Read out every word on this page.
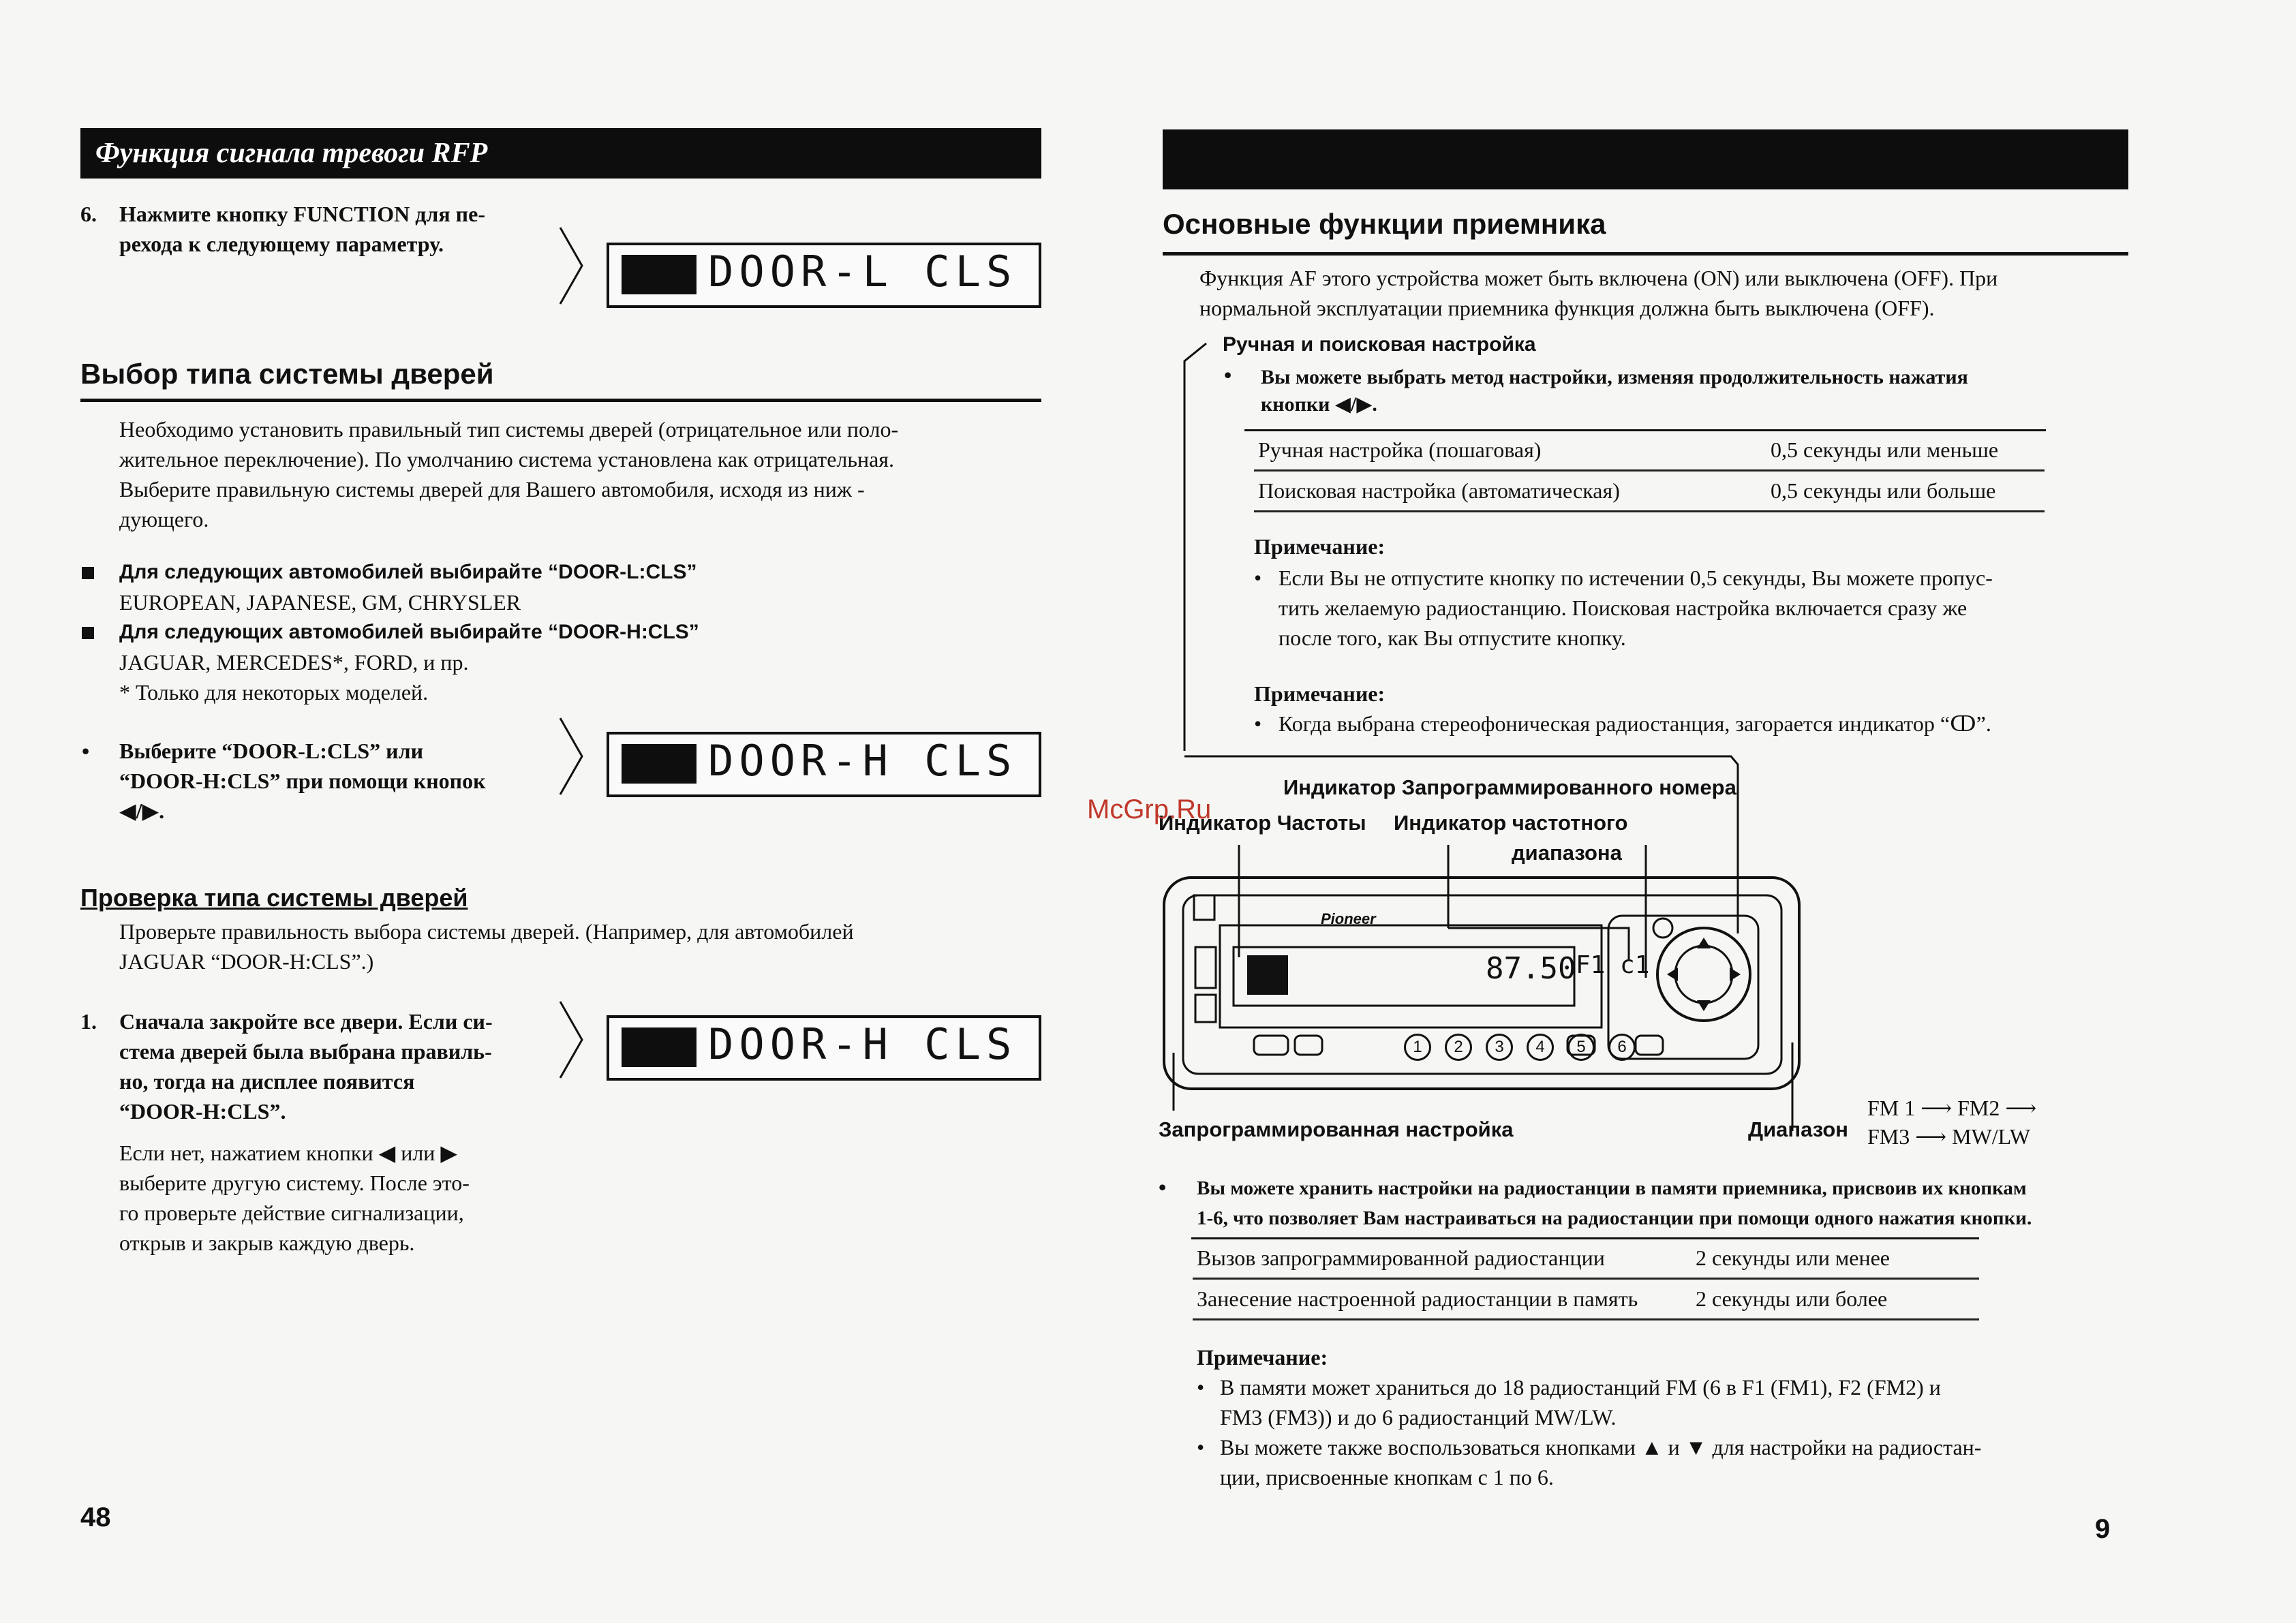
Функция сигнала тревоги RFP
6. Нажмите кнопку FUNCTION для пе-
рехода к следующему параметру.
DOOR-L CLS
Выбор типа системы дверей
Необходимо установить правильный тип системы дверей (отрицательное или поло-
жительное переключение). По умолчанию система установлена как отрицательная.
Выберите правильную системы дверей для Вашего автомобиля, исходя из ниж -
дующего.
Для следующих автомобилей выбирайте “DOOR-L:CLS”
EUROPEAN, JAPANESE, GM, CHRYSLER
Для следующих автомобилей выбирайте “DOOR-H:CLS”
JAGUAR, MERCEDES*, FORD, и пр.
* Только для некоторых моделей.
• Выберите “DOOR-L:CLS” или
“DOOR-H:CLS” при помощи кнопок
◀/▶.
DOOR-H CLS
Проверка типа системы дверей
Проверьте правильность выбора системы дверей. (Например, для автомобилей
JAGUAR “DOOR-H:CLS”.)
1. Сначала закройте все двери. Если си-
стема дверей была выбрана правиль-
но, тогда на дисплее появится
“DOOR-H:CLS”.
Если нет, нажатием кнопки ◀ или ▶
выберите другую систему. После это-
го проверьте действие сигнализации,
открыв и закрыв каждую дверь.
DOOR-H CLS
48
Основные функции приемника
Функция AF этого устройства может быть включена (ON) или выключена (OFF). При
нормальной эксплуатации приемника функция должна быть выключена (OFF).
Ручная и поисковая настройка
• Вы можете выбрать метод настройки, изменяя продолжительность нажатия
кнопки ◀/▶.
Ручная настройка (пошаговая)	0,5 секунды или меньше
Поисковая настройка (автоматическая)	0,5 секунды или больше
Примечание:
• Если Вы не отпустите кнопку по истечении 0,5 секунды, Вы можете пропус-
тить желаемую радиостанцию. Поисковая настройка включается сразу же
после того, как Вы отпустите кнопку.
Примечание:
• Когда выбрана стереофоническая радиостанция, загорается индикатор “ↀ”.
Индикатор Запрограммированного номера
Индикатор Частоты Индикатор частотного
диапазона
Pioneer
87.50 F1 c1
1	2	3	4	5	6
Запрограммированная настройка	Диапазон
FM 1 ⟶ FM2 ⟶
FM3 ⟶ MW/LW
McGrp.Ru
• Вы можете хранить настройки на радиостанции в памяти приемника, присвоив их кнопкам
1-6, что позволяет Вам настраиваться на радиостанции при помощи одного нажатия кнопки.
Вызов запрограммированной радиостанции	2 секунды или менее
Занесение настроенной радиостанции в память	2 секунды или более
Примечание:
• В памяти может храниться до 18 радиостанций FM (6 в F1 (FM1), F2 (FM2) и
FM3 (FM3)) и до 6 радиостанций MW/LW.
• Вы можете также воспользоваться кнопками ▲ и ▼ для настройки на радиостан-
ции, присвоенные кнопкам с 1 по 6.
9
